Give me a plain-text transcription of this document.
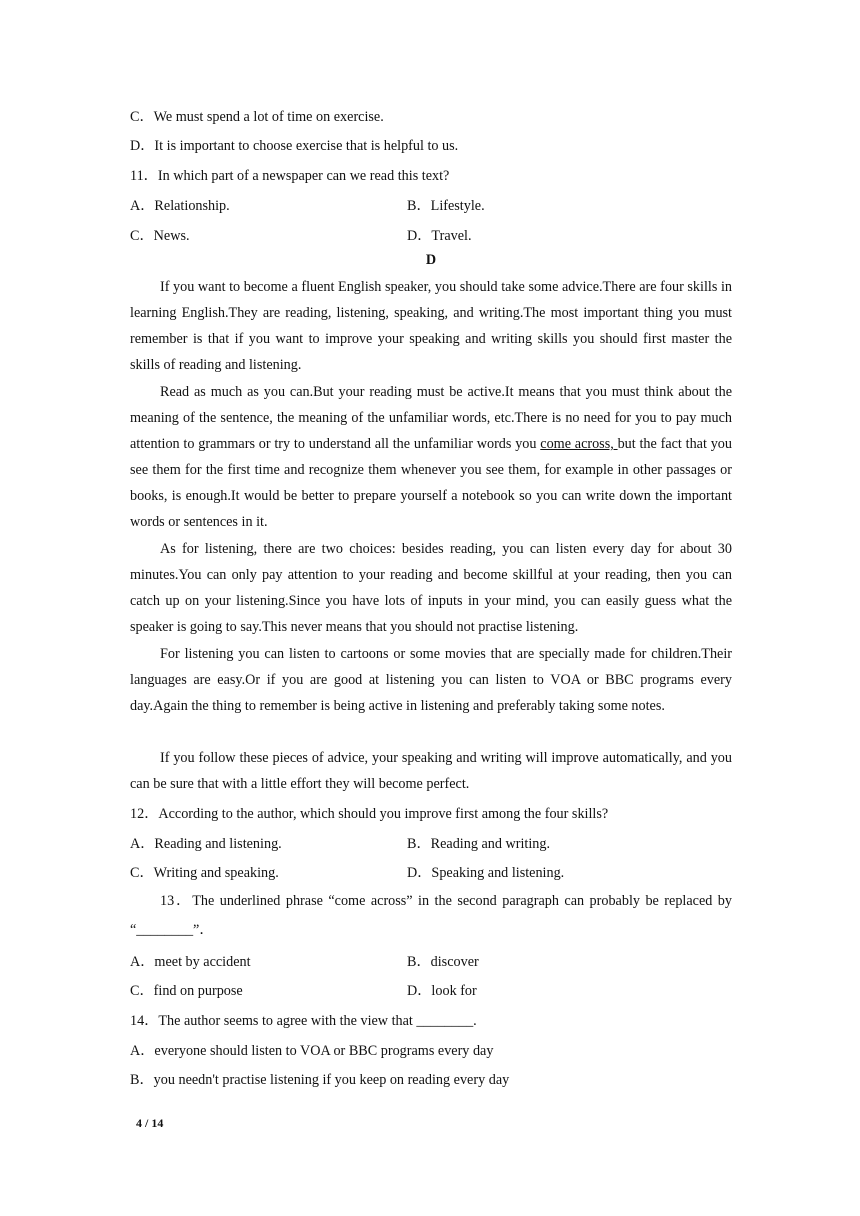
C．We must spend a lot of time on exercise.
D．It is important to choose exercise that is helpful to us.
11．In which part of a newspaper can we read this text?
A．Relationship.	B．Lifestyle.
C．News.	D．Travel.
D
If you want to become a fluent English speaker, you should take some advice.There are four skills in learning English.They are reading, listening, speaking, and writing.The most important thing you must remember is that if you want to improve your speaking and writing skills you should first master the skills of reading and listening.
Read as much as you can.But your reading must be active.It means that you must think about the meaning of the sentence, the meaning of the unfamiliar words, etc.There is no need for you to pay much attention to grammars or try to understand all the unfamiliar words you come across, but the fact that you see them for the first time and recognize them whenever you see them, for example in other passages or books, is enough.It would be better to prepare yourself a notebook so you can write down the important words or sentences in it.
As for listening, there are two choices: besides reading, you can listen every day for about 30 minutes.You can only pay attention to your reading and become skillful at your reading, then you can catch up on your listening.Since you have lots of inputs in your mind, you can easily guess what the speaker is going to say.This never means that you should not practise listening.
For listening you can listen to cartoons or some movies that are specially made for children.Their languages are easy.Or if you are good at listening you can listen to VOA or BBC programs every day.Again the thing to remember is being active in listening and preferably taking some notes.
If you follow these pieces of advice, your speaking and writing will improve automatically, and you can be sure that with a little effort they will become perfect.
12．According to the author, which should you improve first among the four skills?
A．Reading and listening.	B．Reading and writing.
C．Writing and speaking.	D．Speaking and listening.
13．The underlined phrase “come across” in the second paragraph can probably be replaced by “________”．
A．meet by accident	B．discover
C．find on purpose	D．look for
14．The author seems to agree with the view that ________.
A．everyone should listen to VOA or BBC programs every day
B．you needn't practise listening if you keep on reading every day
4 / 14
